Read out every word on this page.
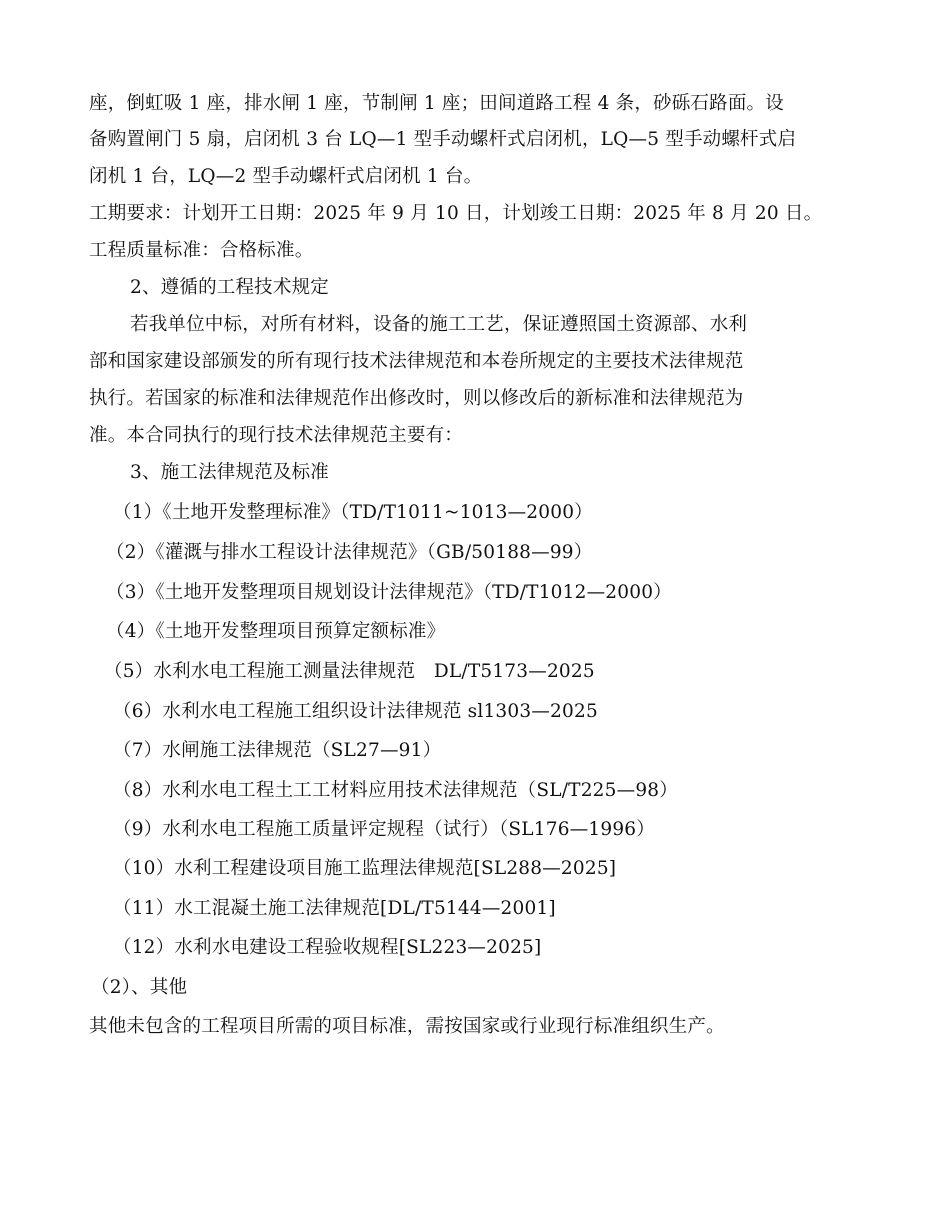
座，倒虹吸 1 座，排水闸 1 座，节制闸 1 座；田间道路工程 4 条，砂砾石路面。设
备购置闸门 5 扇，启闭机 3 台 LQ—1 型手动螺杆式启闭机，LQ—5 型手动螺杆式启
闭机 1 台，LQ—2 型手动螺杆式启闭机 1 台。
工期要求：计划开工日期：2025 年 9 月 10 日，计划竣工日期：2025 年 8 月 20 日。
工程质量标准：合格标准。
2、遵循的工程技术规定
若我单位中标，对所有材料，设备的施工工艺，保证遵照国土资源部、水利
部和国家建设部颁发的所有现行技术法律规范和本卷所规定的主要技术法律规范
执行。若国家的标准和法律规范作出修改时，则以修改后的新标准和法律规范为
准。本合同执行的现行技术法律规范主要有：
3、施工法律规范及标准
（1）《土地开发整理标准》（TD/T1011~1013—2000）
（2）《灌溉与排水工程设计法律规范》（GB/50188—99）
（3）《土地开发整理项目规划设计法律规范》（TD/T1012—2000）
（4）《土地开发整理项目预算定额标准》
（5）水利水电工程施工测量法律规范　DL/T5173—2025
（6）水利水电工程施工组织设计法律规范 sl1303—2025
（7）水闸施工法律规范（SL27—91）
（8）水利水电工程土工工材料应用技术法律规范（SL/T225—98）
（9）水利水电工程施工质量评定规程（试行）（SL176—1996）
（10）水利工程建设项目施工监理法律规范[SL288—2025]
（11）水工混凝土施工法律规范[DL/T5144—2001]
（12）水利水电建设工程验收规程[SL223—2025]
（2）、其他
其他未包含的工程项目所需的项目标准，需按国家或行业现行标准组织生产。
